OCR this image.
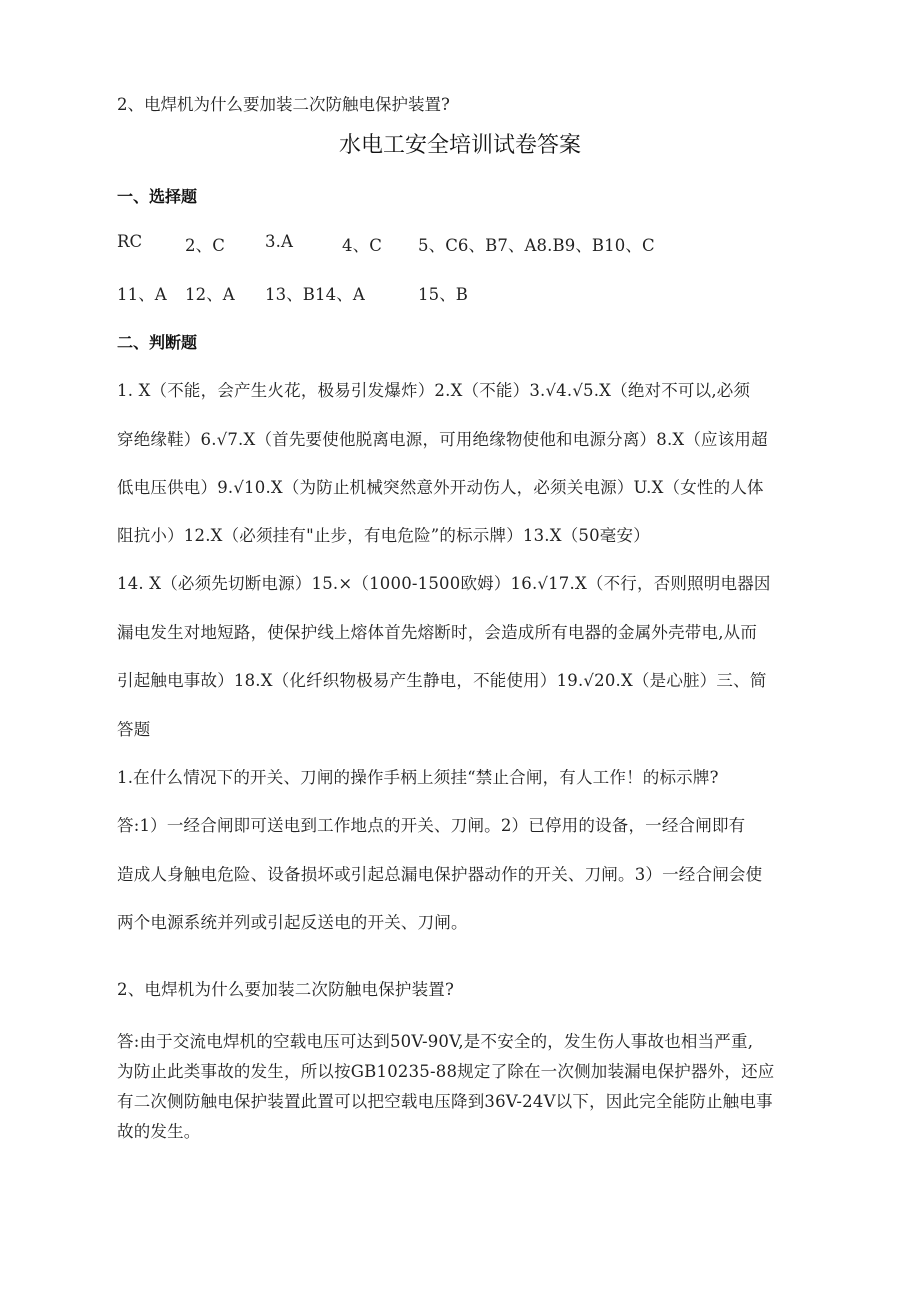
2、电焊机为什么要加装二次防触电保护装置?
水电工安全培训试卷答案
一、选择题
RC	2、C 3.A	4、C 5、C6、B7、A8.B9、B10、C
11、A 12、A 13、B14、A	15、B
二、判断题
1. X（不能，会产生火花，极易引发爆炸）2.X（不能）3.√4.√5.X（绝对不可以,必须
穿绝缘鞋）6.√7.X（首先要使他脱离电源，可用绝缘物使他和电源分离）8.X（应该用超
低电压供电）9.√10.X（为防止机械突然意外开动伤人，必须关电源）U.X（女性的人体
阻抗小）12.X（必须挂有"止步，有电危险”的标示牌）13.X（50毫安）
14. X（必须先切断电源）15.×（1000-1500欧姆）16.√17.X（不行，否则照明电器因
漏电发生对地短路，使保护线上熔体首先熔断时，会造成所有电器的金属外壳带电,从而
引起触电事故）18.X（化纤织物极易产生静电，不能使用）19.√20.X（是心脏）三、简
答题
1.在什么情况下的开关、刀闸的操作手柄上须挂“禁止合闸，有人工作！的标示牌?
答:1）一经合闸即可送电到工作地点的开关、刀闸。2）已停用的设备，一经合闸即有
造成人身触电危险、设备损坏或引起总漏电保护器动作的开关、刀闸。3）一经合闸会使
两个电源系统并列或引起反送电的开关、刀闸。
2、电焊机为什么要加装二次防触电保护装置?
答:由于交流电焊机的空载电压可达到50V-90V,是不安全的，发生伤人事故也相当严重,
为防止此类事故的发生，所以按GB10235-88规定了除在一次侧加装漏电保护器外，还应
有二次侧防触电保护装置此置可以把空载电压降到36V-24V以下，因此完全能防止触电事
故的发生。
